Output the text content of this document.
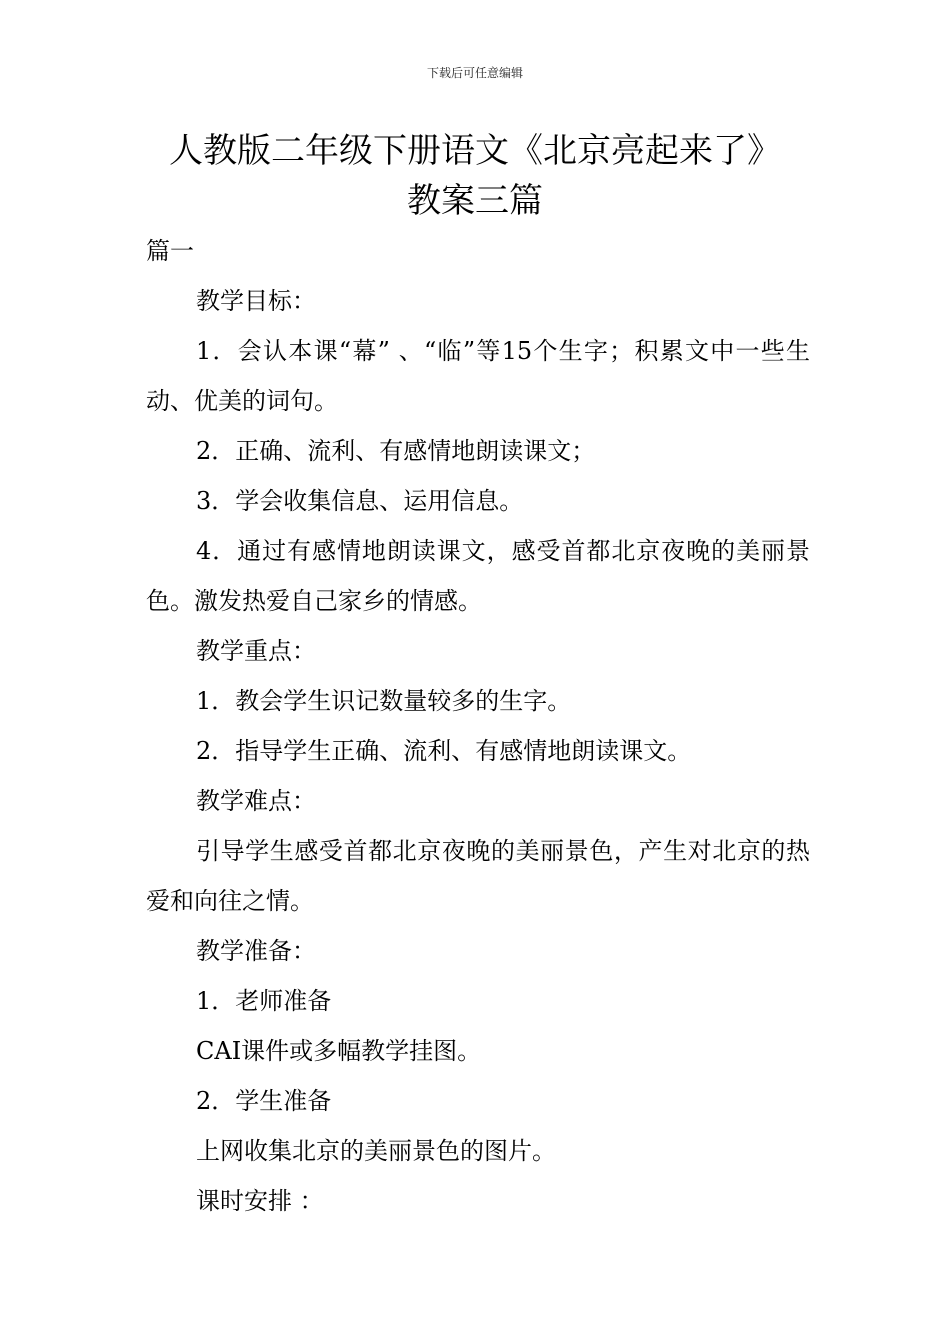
下载后可任意编辑
人教版二年级下册语文《北京亮起来了》
教案三篇

篇一

教学目标：

1．会认本课“幕” 、“临”等15个生字；积累文中一些生动、优美的词句。

2．正确、流利、有感情地朗读课文；

3．学会收集信息、运用信息。

4．通过有感情地朗读课文，感受首都北京夜晚的美丽景色。激发热爱自己家乡的情感。

教学重点：

1．教会学生识记数量较多的生字。

2．指导学生正确、流利、有感情地朗读课文。

教学难点：

引导学生感受首都北京夜晚的美丽景色，产生对北京的热爱和向往之情。

教学准备：

1．老师准备

CAI课件或多幅教学挂图。

2．学生准备

上网收集北京的美丽景色的图片。

课时安排 ：
